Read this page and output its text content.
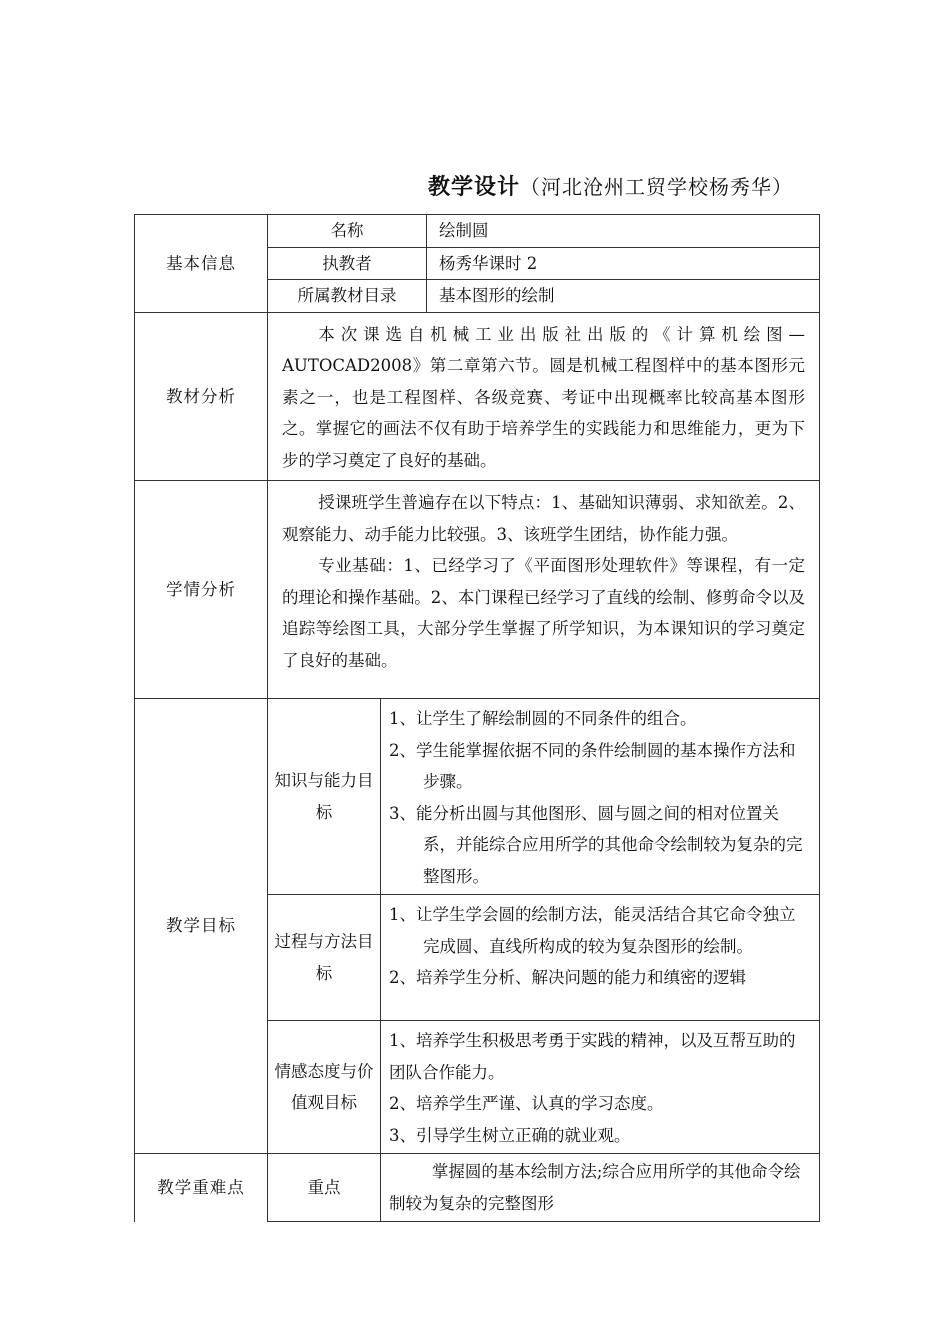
教学设计（河北沧州工贸学校杨秀华）
基本信息	名称		绘制圆
	执教者		杨秀华课时 2
	所属教材目录		基本图形的绘制
教材分析	本次课选自机械工业出版社出版的《计算机绘图—AUTOCAD2008》第二章第六节。圆是机械工程图样中的基本图形元素之一，也是工程图样、各级竞赛、考证中出现概率比较高基本图形之。掌握它的画法不仅有助于培养学生的实践能力和思维能力，更为下步的学习奠定了良好的基础。		

学情分析	授课班学生普遍存在以下特点：1、基础知识薄弱、求知欲差。2、观察能力、动手能力比较强。3、该班学生团结，协作能力强。

专业基础：1、已经学习了《平面图形处理软件》等课程，有一定的理论和操作基础。2、本门课程已经学习了直线的绘制、修剪命令以及追踪等绘图工具，大部分学生掌握了所学知识，为本课知识的学习奠定了良好的基础。		

教学目标	知识与能力目标	1、让学生了解绘制圆的不同条件的组合。

2、学生能掌握依据不同的条件绘制圆的基本操作方法和步骤。

3、能分析出圆与其他图形、圆与圆之间的相对位置关系，并能综合应用所学的其他命令绘制较为复杂的完整图形。	

	过程与方法目标	1、让学生学会圆的绘制方法，能灵活结合其它命令独立完成圆、直线所构成的较为复杂图形的绘制。

2、培养学生分析、解决问题的能力和缜密的逻辑	

	情感态度与价值观目标	1、培养学生积极思考勇于实践的精神，以及互帮互助的团队合作能力。

2、培养学生严谨、认真的学习态度。

3、引导学生树立正确的就业观。	

教学重难点	重点	掌握圆的基本绘制方法;综合应用所学的其他命令绘制较为复杂的完整图形	
